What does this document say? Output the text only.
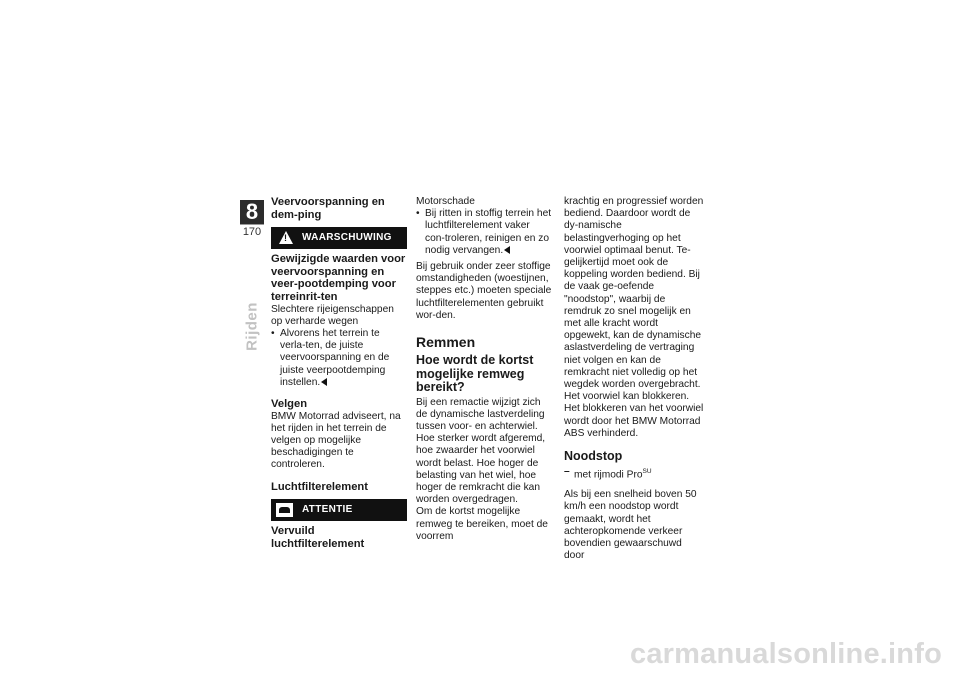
8
170
Rijden

Veervoorspanning en dem-ping

!
WAARSCHUWING

Gewijzigde waarden voor veervoorspanning en veer-pootdemping voor terreinrit-ten

Slechtere rijeigenschappen op verharde wegen

• Alvorens het terrein te verla-ten, de juiste veervoorspanning en de juiste veerpootdemping instellen.

Velgen

BMW Motorrad adviseert, na het rijden in het terrein de velgen op mogelijke beschadigingen te controleren.

Luchtfilterelement

ATTENTIE

Vervuild luchtfilterelement

Motorschade

• Bij ritten in stoffig terrein het luchtfilterelement vaker con-troleren, reinigen en zo nodig vervangen.

Bij gebruik onder zeer stoffige omstandigheden (woestijnen, steppes etc.) moeten speciale luchtfilterelementen gebruikt wor-den.

Remmen

Hoe wordt de kortst mogelijke remweg bereikt?

Bij een remactie wijzigt zich de dynamische lastverdeling tussen voor- en achterwiel. Hoe sterker wordt afgeremd, hoe zwaarder het voorwiel wordt belast. Hoe hoger de belasting van het wiel, hoe hoger de remkracht die kan worden overgedragen.

Om de kortst mogelijke remweg te bereiken, moet de voorrem

krachtig en progressief worden bediend. Daardoor wordt de dy-namische belastingverhoging op het voorwiel optimaal benut. Te-gelijkertijd moet ook de koppeling worden bediend. Bij de vaak ge-oefende "noodstop", waarbij de remdruk zo snel mogelijk en met alle kracht wordt opgewekt, kan de dynamische aslastverdeling de vertraging niet volgen en kan de remkracht niet volledig op het wegdek worden overgebracht.

Het voorwiel kan blokkeren.

Het blokkeren van het voorwiel wordt door het BMW Motorrad ABS verhinderd.

Noodstop

– met rijmodi Pro$^{SU}$

Als bij een snelheid boven 50 km/h een noodstop wordt gemaakt, wordt het achteropkomende verkeer bovendien gewaarschuwd door

carmanualsonline.info
